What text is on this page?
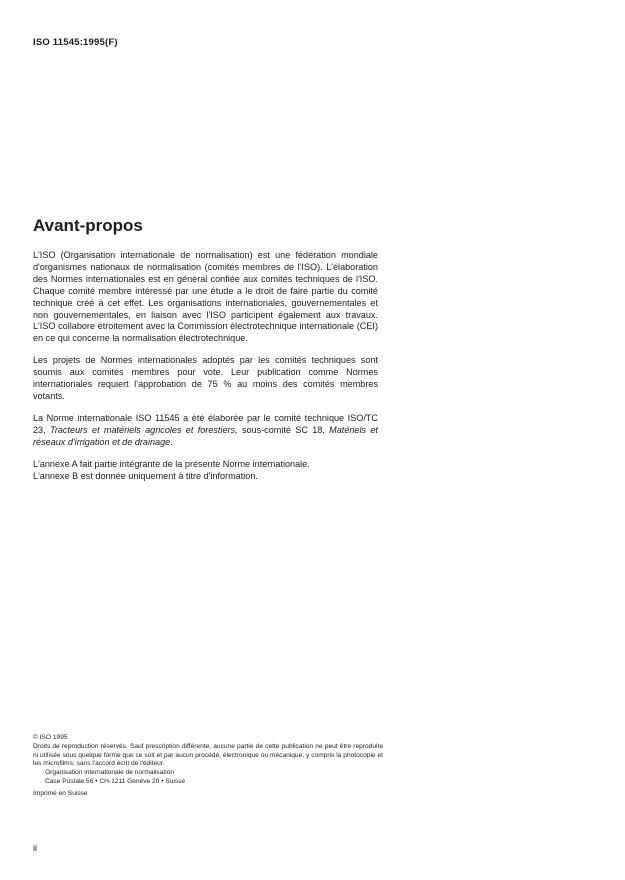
ISO 11545:1995(F)
Avant-propos

L'ISO (Organisation internationale de normalisation) est une fédération mondiale d'organismes nationaux de normalisation (comités membres de l'ISO). L'élaboration des Normes internationales est en général confiée aux comités techniques de l'ISO. Chaque comité membre intéressé par une étude a le droit de faire partie du comité technique créé à cet effet. Les organisations internationales, gouvernementales et non gouvernementales, en liaison avec l'ISO participent également aux travaux. L'ISO collabore étroitement avec la Commission électrotechnique internationale (CEI) en ce qui concerne la normalisation électrotechnique.

Les projets de Normes internationales adoptés par les comités techniques sont soumis aux comités membres pour vote. Leur publication comme Normes internationales requiert l'approbation de 75 % au moins des comités membres votants.

La Norme internationale ISO 11545 a été élaborée par le comité technique ISO/TC 23, Tracteurs et matériels agricoles et forestiers, sous-comité SC 18, Matériels et réseaux d'irrigation et de drainage.

L'annexe A fait partie intégrante de la présente Norme internationale.
L'annexe B est donnée uniquement à titre d'information.

© ISO 1995

Droits de reproduction réservés. Sauf prescription différente, aucune partie de cette publication ne peut être reproduite ni utilisée sous quelque forme que ce soit et par aucun procédé, électronique ou mécanique, y compris la photocopie et les microfilms, sans l'accord écrit de l'éditeur.

Organisation internationale de normalisation

Case Postale 56 • CH-1211 Genève 20 • Suisse

Imprimé en Suisse

ii
